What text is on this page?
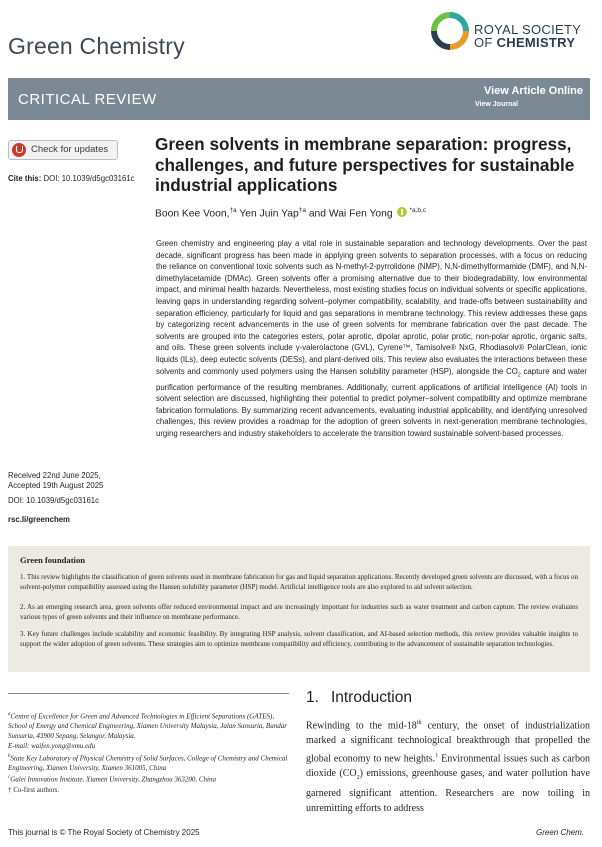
Green Chemistry
ROYAL SOCIETY
OF CHEMISTRY
CRITICAL REVIEW	View Article Online
View Journal
Check for updates
Cite this: DOI: 10.1039/d5gc03161c
Received 22nd June 2025,
Accepted 19th August 2025
DOI: 10.1039/d5gc03161c
rsc.li/greenchem
Green solvents in membrane separation: progress, challenges, and future perspectives for sustainable industrial applications
Boon Kee Voon,$^{\dagger a}$ Yen Juin Yap$^{\dagger a}$ and Wai Fen Yong	$^{*a,b,c}$
Green chemistry and engineering play a vital role in sustainable separation and technology developments. Over the past decade, significant progress has been made in applying green solvents to separation processes, with a focus on reducing the reliance on conventional toxic solvents such as N-methyl-2-pyrrolidone (NMP), N,N-dimethylformamide (DMF), and N,N-dimethylacetamide (DMAc). Green solvents offer a promising alternative due to their biodegradability, low environmental impact, and minimal health hazards. Nevertheless, most existing studies focus on individual solvents or specific applications, leaving gaps in understanding regarding solvent–polymer compatibility, scalability, and trade-offs between sustainability and separation efficiency, particularly for liquid and gas separations in membrane technology. This review addresses these gaps by categorizing recent advancements in the use of green solvents for membrane fabrication over the past decade. The solvents are grouped into the categories esters, polar aprotic, dipolar aprotic, polar protic, non-polar aprotic, organic salts, and oils. These green solvents include γ-valerolactone (GVL), Cyrene™, Tamisolve® NxG, Rhodiasolv® PolarClean, ionic liquids (ILs), deep eutectic solvents (DESs), and plant-derived oils. This review also evaluates the interactions between these solvents and commonly used polymers using the Hansen solubility parameter (HSP), alongside the $CO_2$ capture and water purification performance of the resulting membranes. Additionally, current applications of artificial intelligence (AI) tools in solvent selection are discussed, highlighting their potential to predict polymer–solvent compatibility and optimize membrane fabrication formulations. By summarizing recent advancements, evaluating industrial applicability, and identifying unresolved challenges, this review provides a roadmap for the adoption of green solvents in next-generation membrane technologies, urging researchers and industry stakeholders to accelerate the transition toward sustainable solvent-based processes.
Green foundation
1. This review highlights the classification of green solvents used in membrane fabrication for gas and liquid separation applications. Recently developed green solvents are discussed, with a focus on solvent-polymer compatibility assessed using the Hansen solubility parameter (HSP) model. Artificial intelligence tools are also explored to aid solvent selection.
2. As an emerging research area, green solvents offer reduced environmental impact and are increasingly important for industries such as water treatment and carbon capture. The review evaluates various types of green solvents and their influence on membrane performance.
3. Key future challenges include scalability and economic feasibility. By integrating HSP analysis, solvent classification, and AI-based selection methods, this review provides valuable insights to support the wider adoption of green solvents. These strategies aim to optimize membrane compatibility and efficiency, contributing to the advancement of sustainable separation technologies.
$^a$Centre of Excellence for Green and Advanced Technologies in Efficient Separations (GATES), School of Energy and Chemical Engineering, Xiamen University Malaysia, Jalan Sunsuria, Bandar Sunsuria, 43900 Sepang, Selangor, Malaysia.
E-mail: waifen.yong@xmu.edu
$^b$State Key Laboratory of Physical Chemistry of Solid Surfaces, College of Chemistry and Chemical Engineering, Xiamen University, Xiamen 361005, China
$^c$Gulei Innovation Institute, Xiamen University, Zhangzhou 363200, China
† Co-first authors.
1. Introduction
Rewinding to the mid-18th century, the onset of industrialization marked a significant technological breakthrough that propelled the global economy to new heights.$^1$ Environmental issues such as carbon dioxide $(CO_2)$ emissions, greenhouse gases, and water pollution have garnered significant attention. Researchers are now toiling in unremitting efforts to address
This journal is © The Royal Society of Chemistry 2025	Green Chem.
